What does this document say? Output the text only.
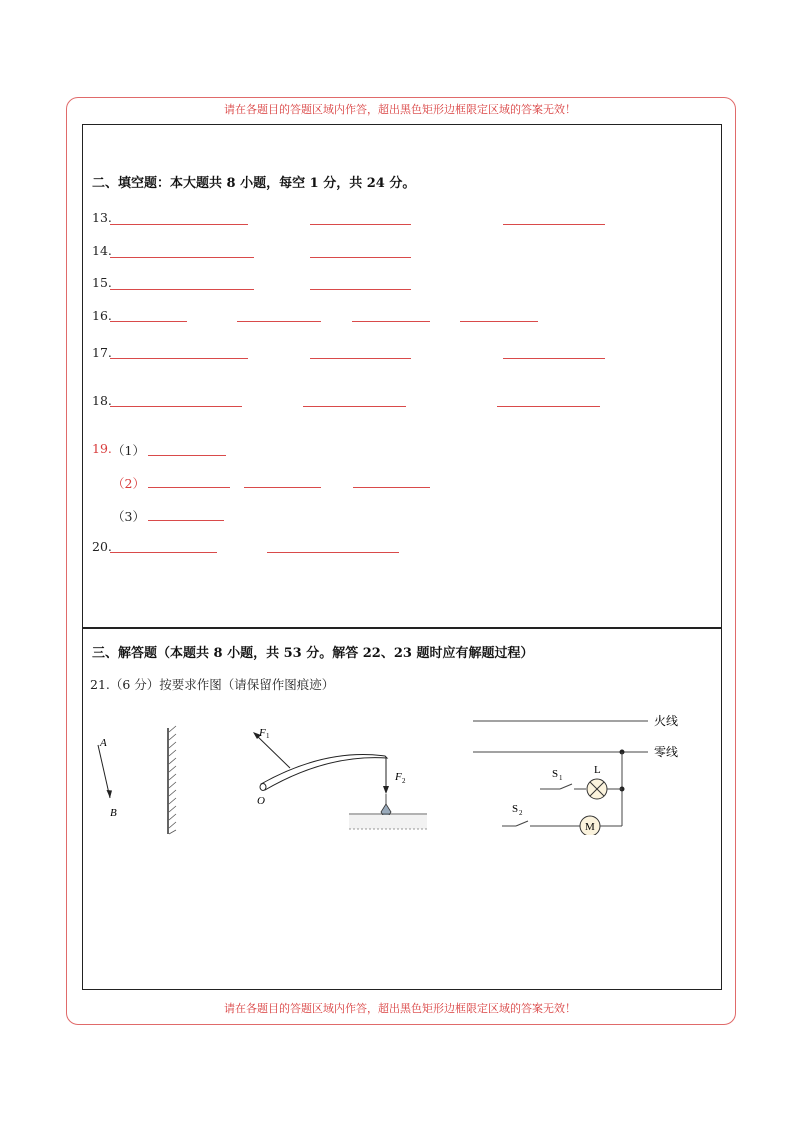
请在各题目的答题区域内作答，超出黑色矩形边框限定区域的答案无效！
请在各题目的答题区域内作答，超出黑色矩形边框限定区域的答案无效！
二、填空题：本大题共 8 小题，每空 1 分，共 24 分。
13.
14.
15.
16.
17.
18.
19. （1）
（2）
（3）
20.
三、解答题（本题共 8 小题，共 53 分。解答 22、23 题时应有解题过程）
21.（6 分）按要求作图（请保留作图痕迹）
A
B
F 1
O
F 2
火线
零线
S 1
L
M
S 2
